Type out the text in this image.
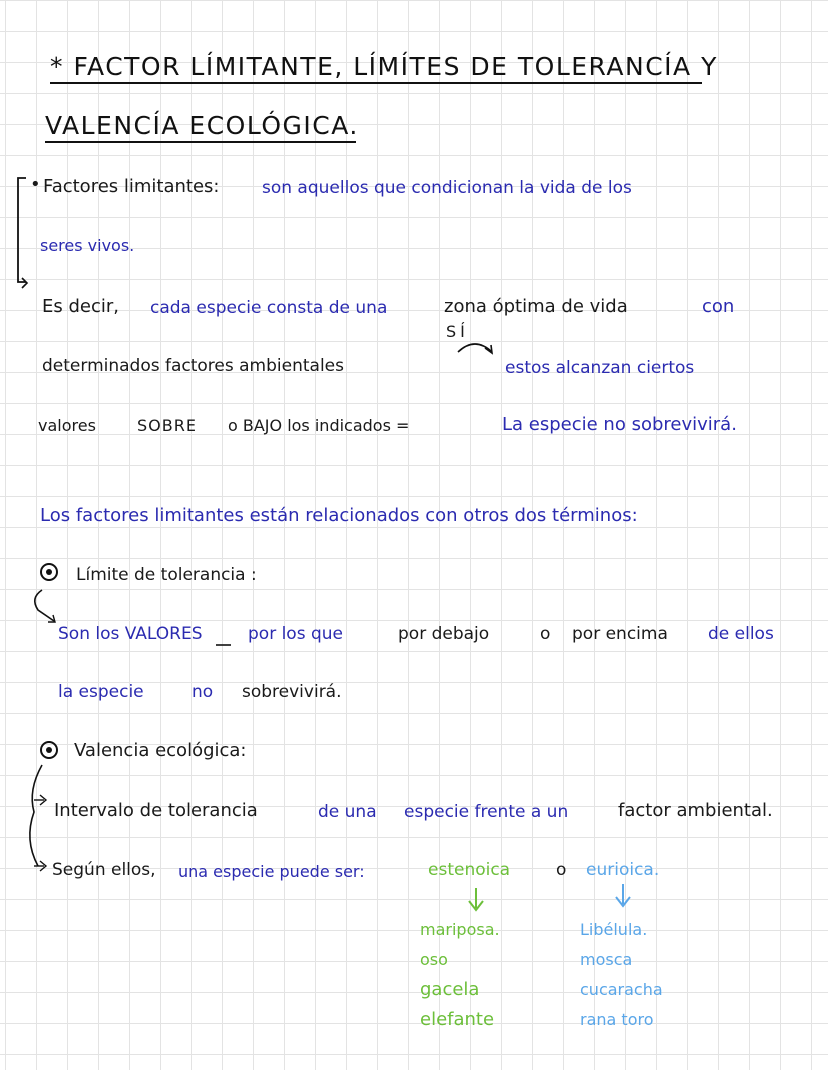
* FACTOR LÍMITANTE, LÍMÍTES DE TOLERANCÍA Y
VALENCÍA ECOLÓGICA.
• Factores limitantes:	son aquellos que condicionan la vida de los
seres vivos.
Es decir, cada especie consta de una	zona óptima de vida	con
SÍ
determinados factores ambientales	estos alcanzan ciertos
valores	SOBRE o BAJO los indicados =	La especie no sobrevivirá.
Los factores limitantes están relacionados con otros dos términos:
Límite de tolerancia :
Son los VALORES	por los que	por debajo	o por encima de ellos
la especie	no sobrevivirá.
Valencia ecológica:
Intervalo de tolerancia	de una especie frente a un	factor ambiental.
Según ellos, una especie puede ser:	estenoica	o eurioica.
mariposa.
oso
gacela
elefante
Libélula.
mosca
cucaracha
rana toro
